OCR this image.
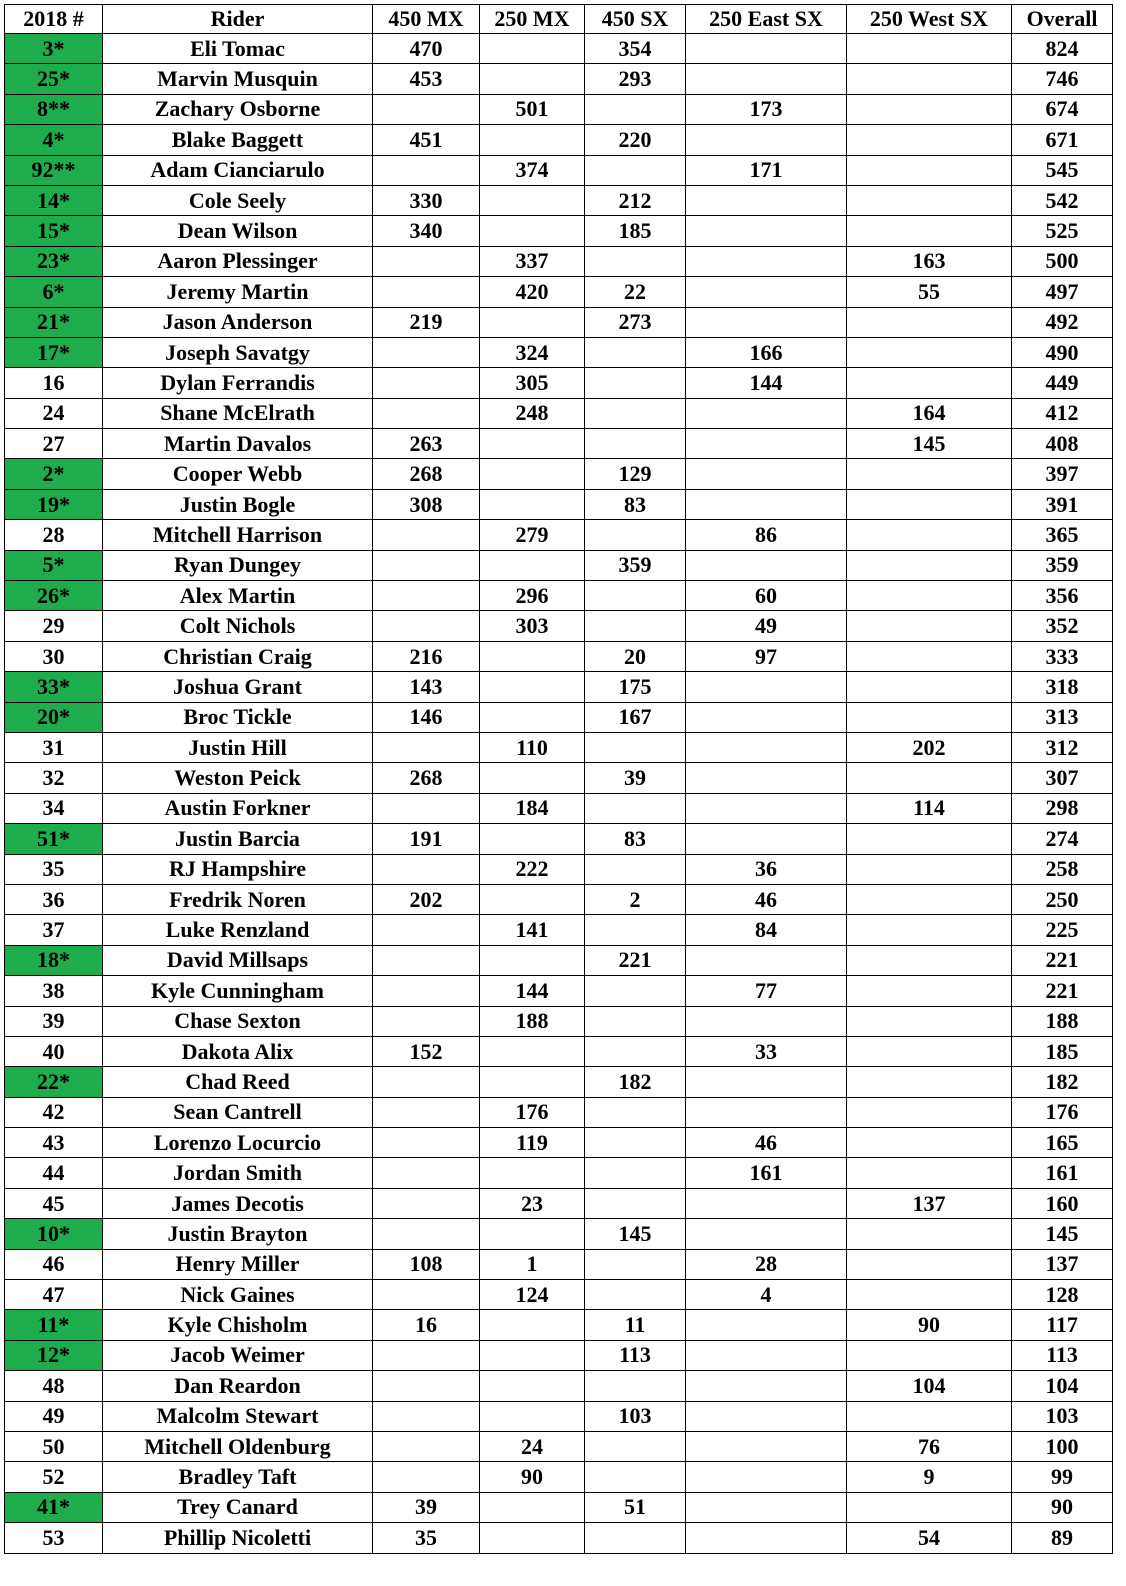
2018 #	Rider	450 MX	250 MX	450 SX	250 East SX	250 West SX	Overall
3*	Eli Tomac	470		354			824
25*	Marvin Musquin	453		293			746
8**	Zachary Osborne		501		173		674
4*	Blake Baggett	451		220			671
92**	Adam Cianciarulo		374		171		545
14*	Cole Seely	330		212			542
15*	Dean Wilson	340		185			525
23*	Aaron Plessinger		337			163	500
6*	Jeremy Martin		420	22		55	497
21*	Jason Anderson	219		273			492
17*	Joseph Savatgy		324		166		490
16	Dylan Ferrandis		305		144		449
24	Shane McElrath		248			164	412
27	Martin Davalos	263				145	408
2*	Cooper Webb	268		129			397
19*	Justin Bogle	308		83			391
28	Mitchell Harrison		279		86		365
5*	Ryan Dungey			359			359
26*	Alex Martin		296		60		356
29	Colt Nichols		303		49		352
30	Christian Craig	216		20	97		333
33*	Joshua Grant	143		175			318
20*	Broc Tickle	146		167			313
31	Justin Hill		110			202	312
32	Weston Peick	268		39			307
34	Austin Forkner		184			114	298
51*	Justin Barcia	191		83			274
35	RJ Hampshire		222		36		258
36	Fredrik Noren	202		2	46		250
37	Luke Renzland		141		84		225
18*	David Millsaps			221			221
38	Kyle Cunningham		144		77		221
39	Chase Sexton		188				188
40	Dakota Alix	152			33		185
22*	Chad Reed			182			182
42	Sean Cantrell		176				176
43	Lorenzo Locurcio		119		46		165
44	Jordan Smith				161		161
45	James Decotis		23			137	160
10*	Justin Brayton			145			145
46	Henry Miller	108	1		28		137
47	Nick Gaines		124		4		128
11*	Kyle Chisholm	16		11		90	117
12*	Jacob Weimer			113			113
48	Dan Reardon					104	104
49	Malcolm Stewart			103			103
50	Mitchell Oldenburg		24			76	100
52	Bradley Taft		90			9	99
41*	Trey Canard	39		51			90
53	Phillip Nicoletti	35				54	89
